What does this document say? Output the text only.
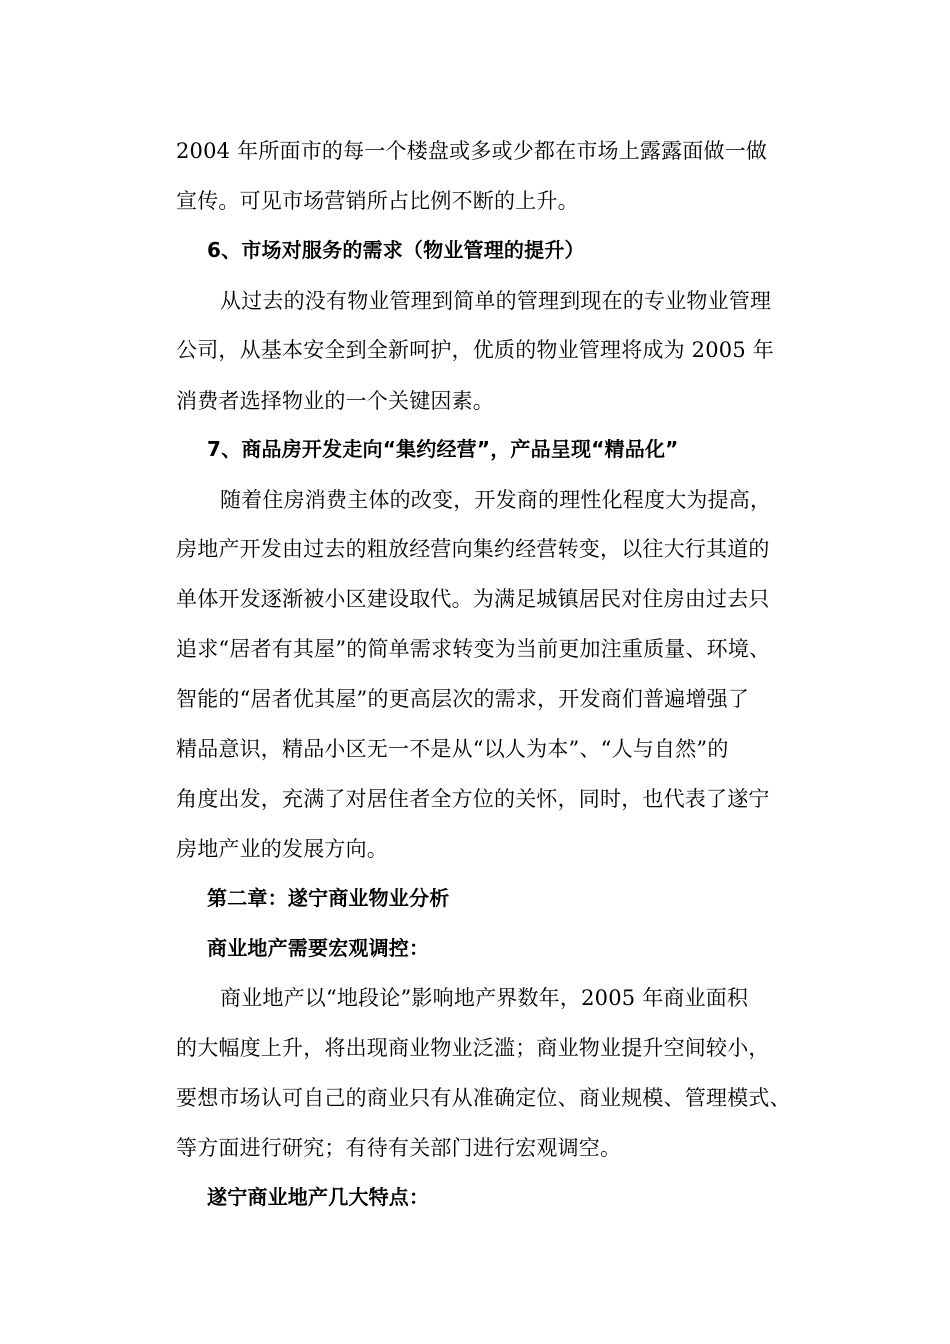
2004 年所面市的每一个楼盘或多或少都在市场上露露面做一做
宣传。可见市场营销所占比例不断的上升。
6、市场对服务的需求（物业管理的提升）
从过去的没有物业管理到简单的管理到现在的专业物业管理
公司，从基本安全到全新呵护，优质的物业管理将成为 2005 年
消费者选择物业的一个关键因素。
7、商品房开发走向“集约经营”，产品呈现“精品化”
随着住房消费主体的改变，开发商的理性化程度大为提高，
房地产开发由过去的粗放经营向集约经营转变，以往大行其道的
单体开发逐渐被小区建设取代。为满足城镇居民对住房由过去只
追求“居者有其屋”的简单需求转变为当前更加注重质量、环境、
智能的“居者优其屋”的更高层次的需求，开发商们普遍增强了
精品意识，精品小区无一不是从“以人为本”、“人与自然”的
角度出发，充满了对居住者全方位的关怀，同时，也代表了遂宁
房地产业的发展方向。
第二章：遂宁商业物业分析
商业地产需要宏观调控：
商业地产以“地段论”影响地产界数年，2005 年商业面积
的大幅度上升，将出现商业物业泛滥；商业物业提升空间较小，
要想市场认可自己的商业只有从准确定位、商业规模、管理模式、
等方面进行研究；有待有关部门进行宏观调空。
遂宁商业地产几大特点：
